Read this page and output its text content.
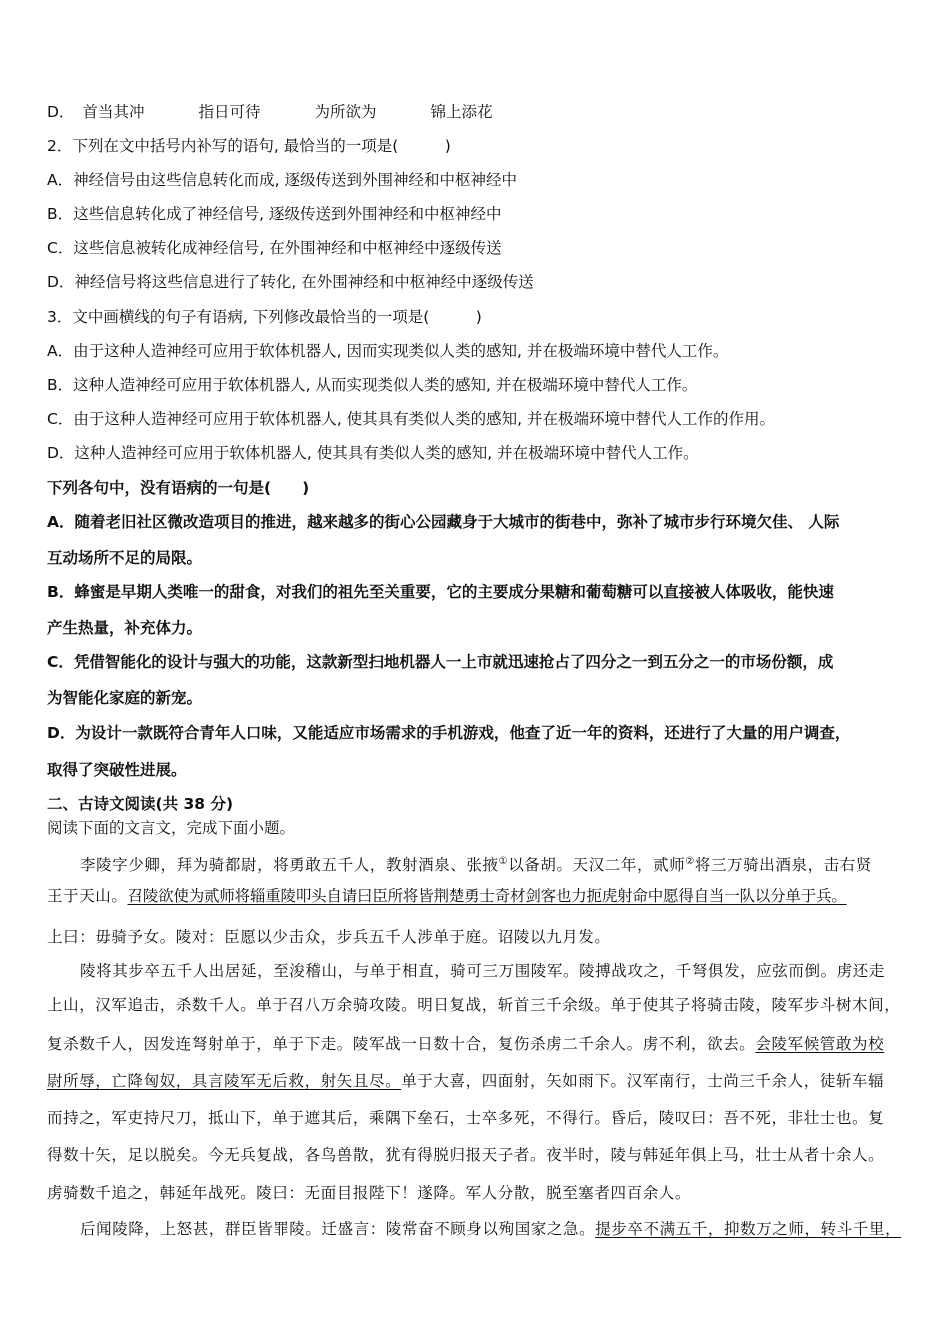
D． 首当其冲	指日可待	为所欲为	锦上添花
2．下列在文中括号内补写的语句, 最恰当的一项是(　　　)
A．神经信号由这些信息转化而成, 逐级传送到外围神经和中枢神经中
B．这些信息转化成了神经信号, 逐级传送到外围神经和中枢神经中
C．这些信息被转化成神经信号, 在外围神经和中枢神经中逐级传送
D．神经信号将这些信息进行了转化, 在外围神经和中枢神经中逐级传送
3．文中画横线的句子有语病, 下列修改最恰当的一项是(　　　)
A．由于这种人造神经可应用于软体机器人, 因而实现类似人类的感知, 并在极端环境中替代人工作。
B．这种人造神经可应用于软体机器人, 从而实现类似人类的感知, 并在极端环境中替代人工作。
C．由于这种人造神经可应用于软体机器人, 使其具有类似人类的感知, 并在极端环境中替代人工作的作用。
D．这种人造神经可应用于软体机器人, 使其具有类似人类的感知, 并在极端环境中替代人工作。
下列各句中，没有语病的一句是(　　)
A．随着老旧社区微改造项目的推进，越来越多的街心公园藏身于大城市的街巷中，弥补了城市步行环境欠佳、 人际
互动场所不足的局限。
B．蜂蜜是早期人类唯一的甜食，对我们的祖先至关重要，它的主要成分果糖和葡萄糖可以直接被人体吸收，能快速
产生热量，补充体力。
C．凭借智能化的设计与强大的功能，这款新型扫地机器人一上市就迅速抢占了四分之一到五分之一的市场份额，成
为智能化家庭的新宠。
D．为设计一款既符合青年人口味，又能适应市场需求的手机游戏，他查了近一年的资料，还进行了大量的用户调查，
取得了突破性进展。
二、古诗文阅读(共 38 分)
阅读下面的文言文，完成下面小题。
李陵字少卿，拜为骑都尉，将勇敢五千人，教射酒泉、张掖①以备胡。天汉二年，贰师②将三万骑出酒泉，击右贤
王于天山。召陵欲使为贰师将辎重陵叩头自请曰臣所将皆荆楚勇士奇材剑客也力扼虎射命中愿得自当一队以分单于兵。
上曰：毋骑予女。陵对：臣愿以少击众，步兵五千人涉单于庭。诏陵以九月发。
陵将其步卒五千人出居延，至浚稽山，与单于相直，骑可三万围陵军。陵搏战攻之，千弩俱发，应弦而倒。虏还走
上山，汉军追击，杀数千人。单于召八万余骑攻陵。明日复战，斩首三千余级。单于使其子将骑击陵，陵军步斗树木间，
复杀数千人，因发连弩射单于，单于下走。陵军战一日数十合，复伤杀虏二千余人。虏不利，欲去。会陵军候管敢为校
尉所辱，亡降匈奴，具言陵军无后救，射矢且尽。单于大喜，四面射，矢如雨下。汉军南行，士尚三千余人，徒斩车辐
而持之，军吏持尺刀，抵山下，单于遮其后，乘隅下垒石，士卒多死，不得行。昏后，陵叹曰：吾不死，非壮士也。复
得数十矢，足以脱矣。今无兵复战，各鸟兽散，犹有得脱归报天子者。夜半时，陵与韩延年俱上马，壮士从者十余人。
虏骑数千追之，韩延年战死。陵曰：无面目报陛下！遂降。军人分散，脱至塞者四百余人。
后闻陵降，上怒甚，群臣皆罪陵。迁盛言：陵常奋不顾身以殉国家之急。提步卒不满五千，抑数万之师，转斗千里，
